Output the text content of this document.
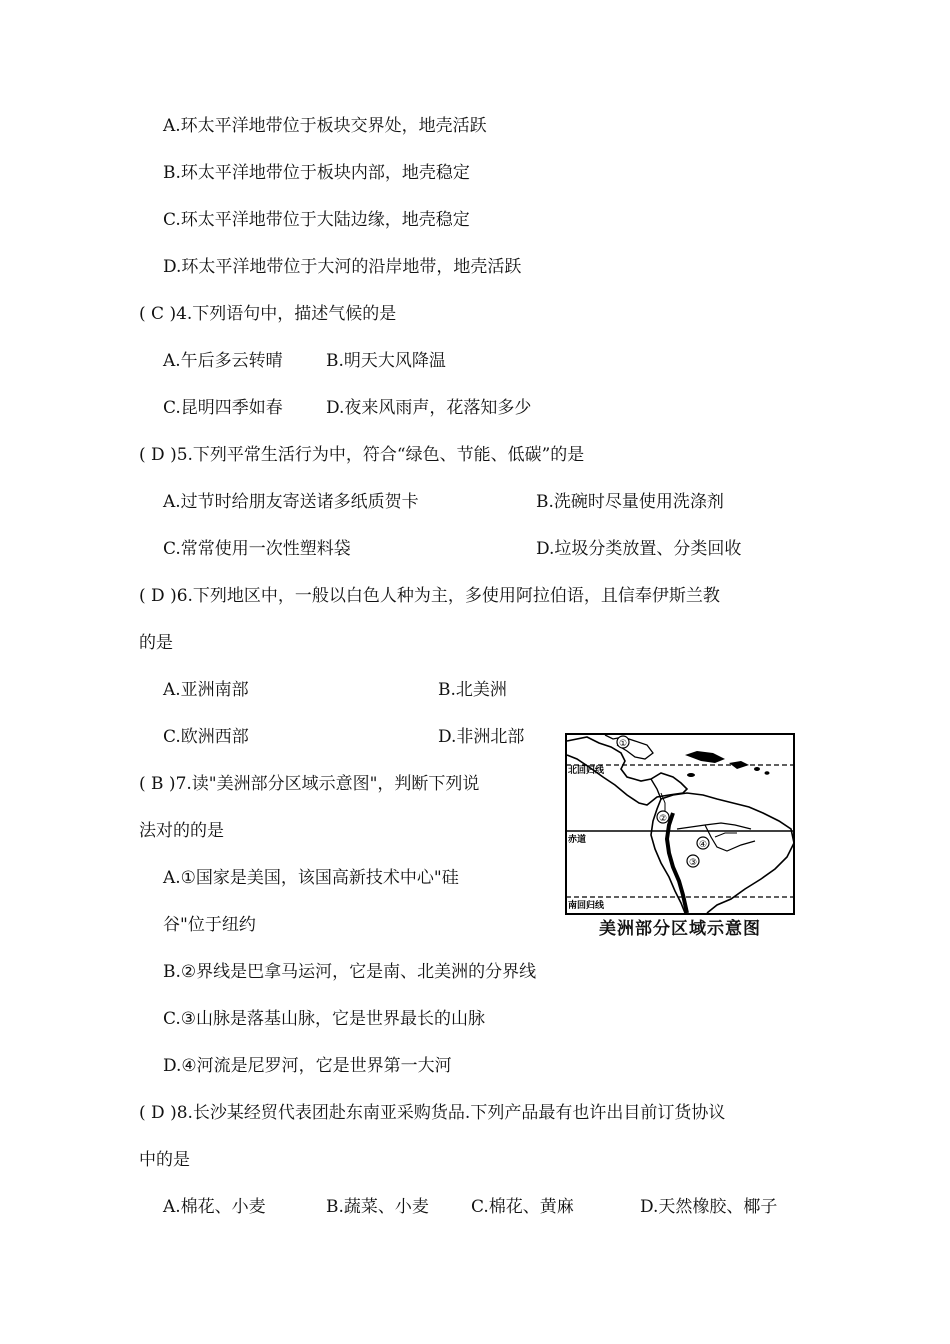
A.环太平洋地带位于板块交界处，地壳活跃
B.环太平洋地带位于板块内部，地壳稳定
C.环太平洋地带位于大陆边缘，地壳稳定
D.环太平洋地带位于大河的沿岸地带，地壳活跃
( C )4.下列语句中，描述气候的是
A.午后多云转晴	B.明天大风降温
C.昆明四季如春	D.夜来风雨声，花落知多少
( D )5.下列平常生活行为中，符合“绿色、节能、低碳”的是
A.过节时给朋友寄送诸多纸质贺卡	B.洗碗时尽量使用洗涤剂
C.常常使用一次性塑料袋	D.垃圾分类放置、分类回收
( D )6.下列地区中，一般以白色人种为主，多使用阿拉伯语，且信奉伊斯兰教
的是
A.亚洲南部	B.北美洲
C.欧洲西部	D.非洲北部
( B )7.读"美洲部分区域示意图"，判断下列说
法对的的是
A.①国家是美国，该国高新技术中心"硅
谷"位于纽约
B.②界线是巴拿马运河，它是南、北美洲的分界线
C.③山脉是落基山脉，它是世界最长的山脉
D.④河流是尼罗河，它是世界第一大河
北回归线
赤道
南回归线
①
②
③
④
美洲部分区域示意图
( D )8.长沙某经贸代表团赴东南亚采购货品.下列产品最有也许出目前订货协议
中的是
A.棉花、小麦	B.蔬菜、小麦 C.棉花、黄麻	D.天然橡胶、椰子
